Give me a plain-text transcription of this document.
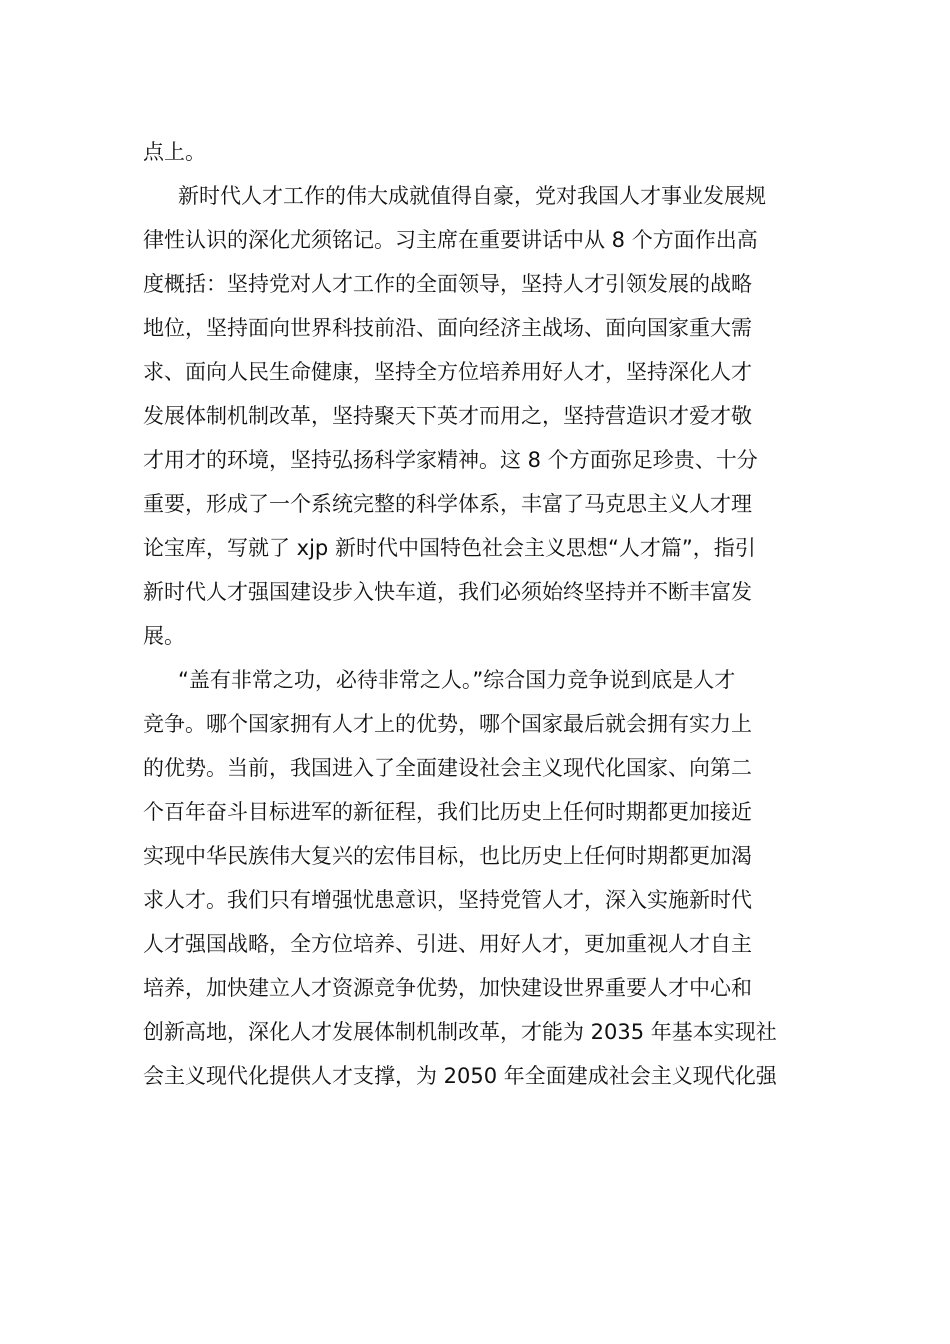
点上。

新时代人才工作的伟大成就值得自豪，党对我国人才事业发展规

律性认识的深化尤须铭记。习主席在重要讲话中从 8 个方面作出高

度概括：坚持党对人才工作的全面领导，坚持人才引领发展的战略

地位，坚持面向世界科技前沿、面向经济主战场、面向国家重大需

求、面向人民生命健康，坚持全方位培养用好人才，坚持深化人才

发展体制机制改革，坚持聚天下英才而用之，坚持营造识才爱才敬

才用才的环境，坚持弘扬科学家精神。这 8 个方面弥足珍贵、十分

重要，形成了一个系统完整的科学体系，丰富了马克思主义人才理

论宝库，写就了 xjp 新时代中国特色社会主义思想“人才篇”，指引

新时代人才强国建设步入快车道，我们必须始终坚持并不断丰富发

展。

“盖有非常之功，必待非常之人。”综合国力竞争说到底是人才

竞争。哪个国家拥有人才上的优势，哪个国家最后就会拥有实力上

的优势。当前，我国进入了全面建设社会主义现代化国家、向第二

个百年奋斗目标进军的新征程，我们比历史上任何时期都更加接近

实现中华民族伟大复兴的宏伟目标，也比历史上任何时期都更加渴

求人才。我们只有增强忧患意识，坚持党管人才，深入实施新时代

人才强国战略，全方位培养、引进、用好人才，更加重视人才自主

培养，加快建立人才资源竞争优势，加快建设世界重要人才中心和

创新高地，深化人才发展体制机制改革，才能为 2035 年基本实现社

会主义现代化提供人才支撑，为 2050 年全面建成社会主义现代化强
